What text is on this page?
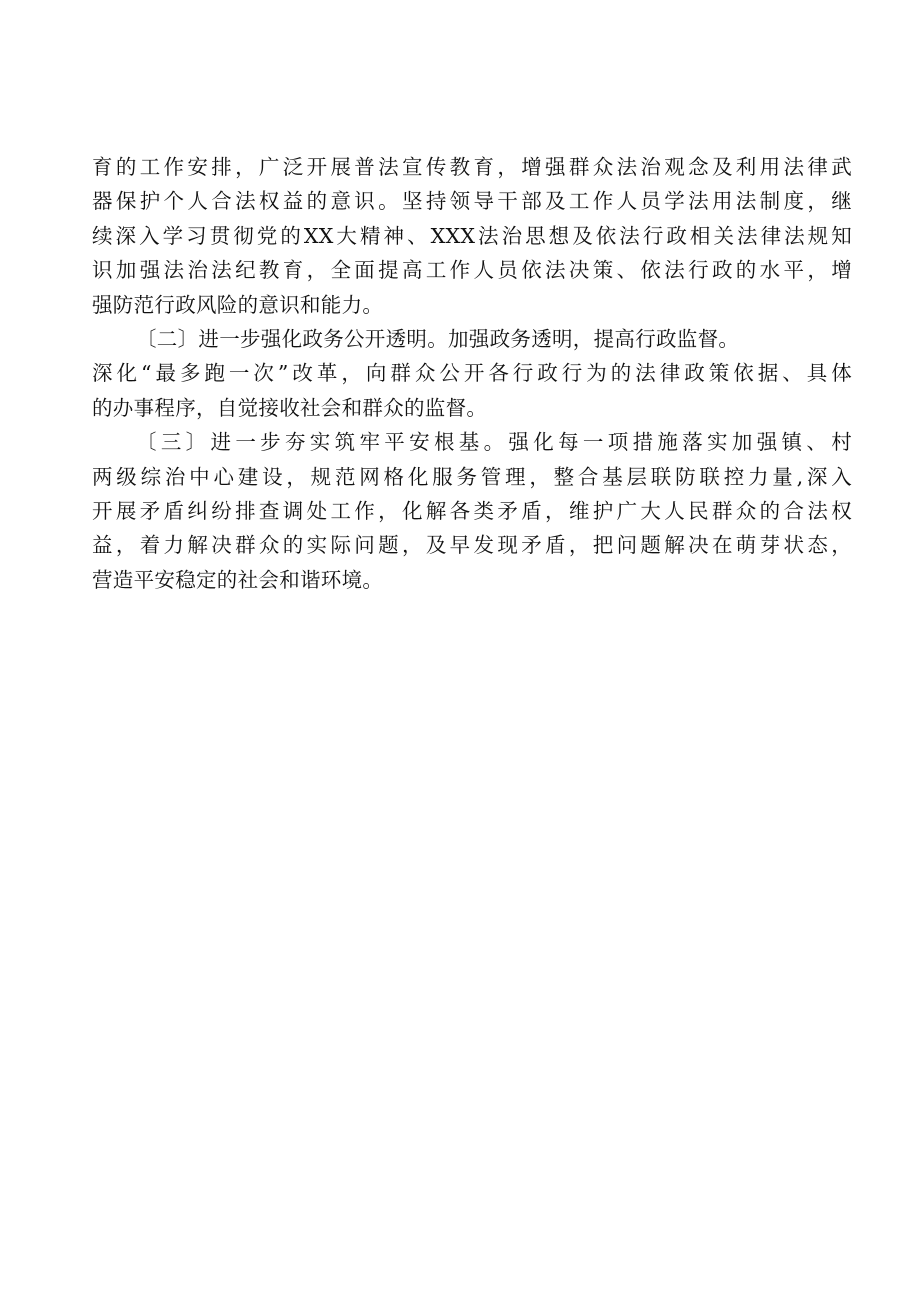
育的工作安排，广泛开展普法宣传教育，增强群众法治观念及利用法律武
器保护个人合法权益的意识。坚持领导干部及工作人员学法用法制度，继
续深入学习贯彻党的XX大精神、XXX法治思想及依法行政相关法律法规知
识加强法治法纪教育，全面提高工作人员依法决策、依法行政的水平，增
强防范行政风险的意识和能力。
〔二〕进一步强化政务公开透明。加强政务透明，提高行政监督。
深化“最多跑一次”改革，向群众公开各行政行为的法律政策依据、具体
的办事程序，自觉接收社会和群众的监督。
〔三〕进一步夯实筑牢平安根基。强化每一项措施落实加强镇、村
两级综治中心建设，规范网格化服务管理，整合基层联防联控力量,深入
开展矛盾纠纷排查调处工作，化解各类矛盾，维护广大人民群众的合法权
益，着力解决群众的实际问题，及早发现矛盾，把问题解决在萌芽状态，
营造平安稳定的社会和谐环境。
